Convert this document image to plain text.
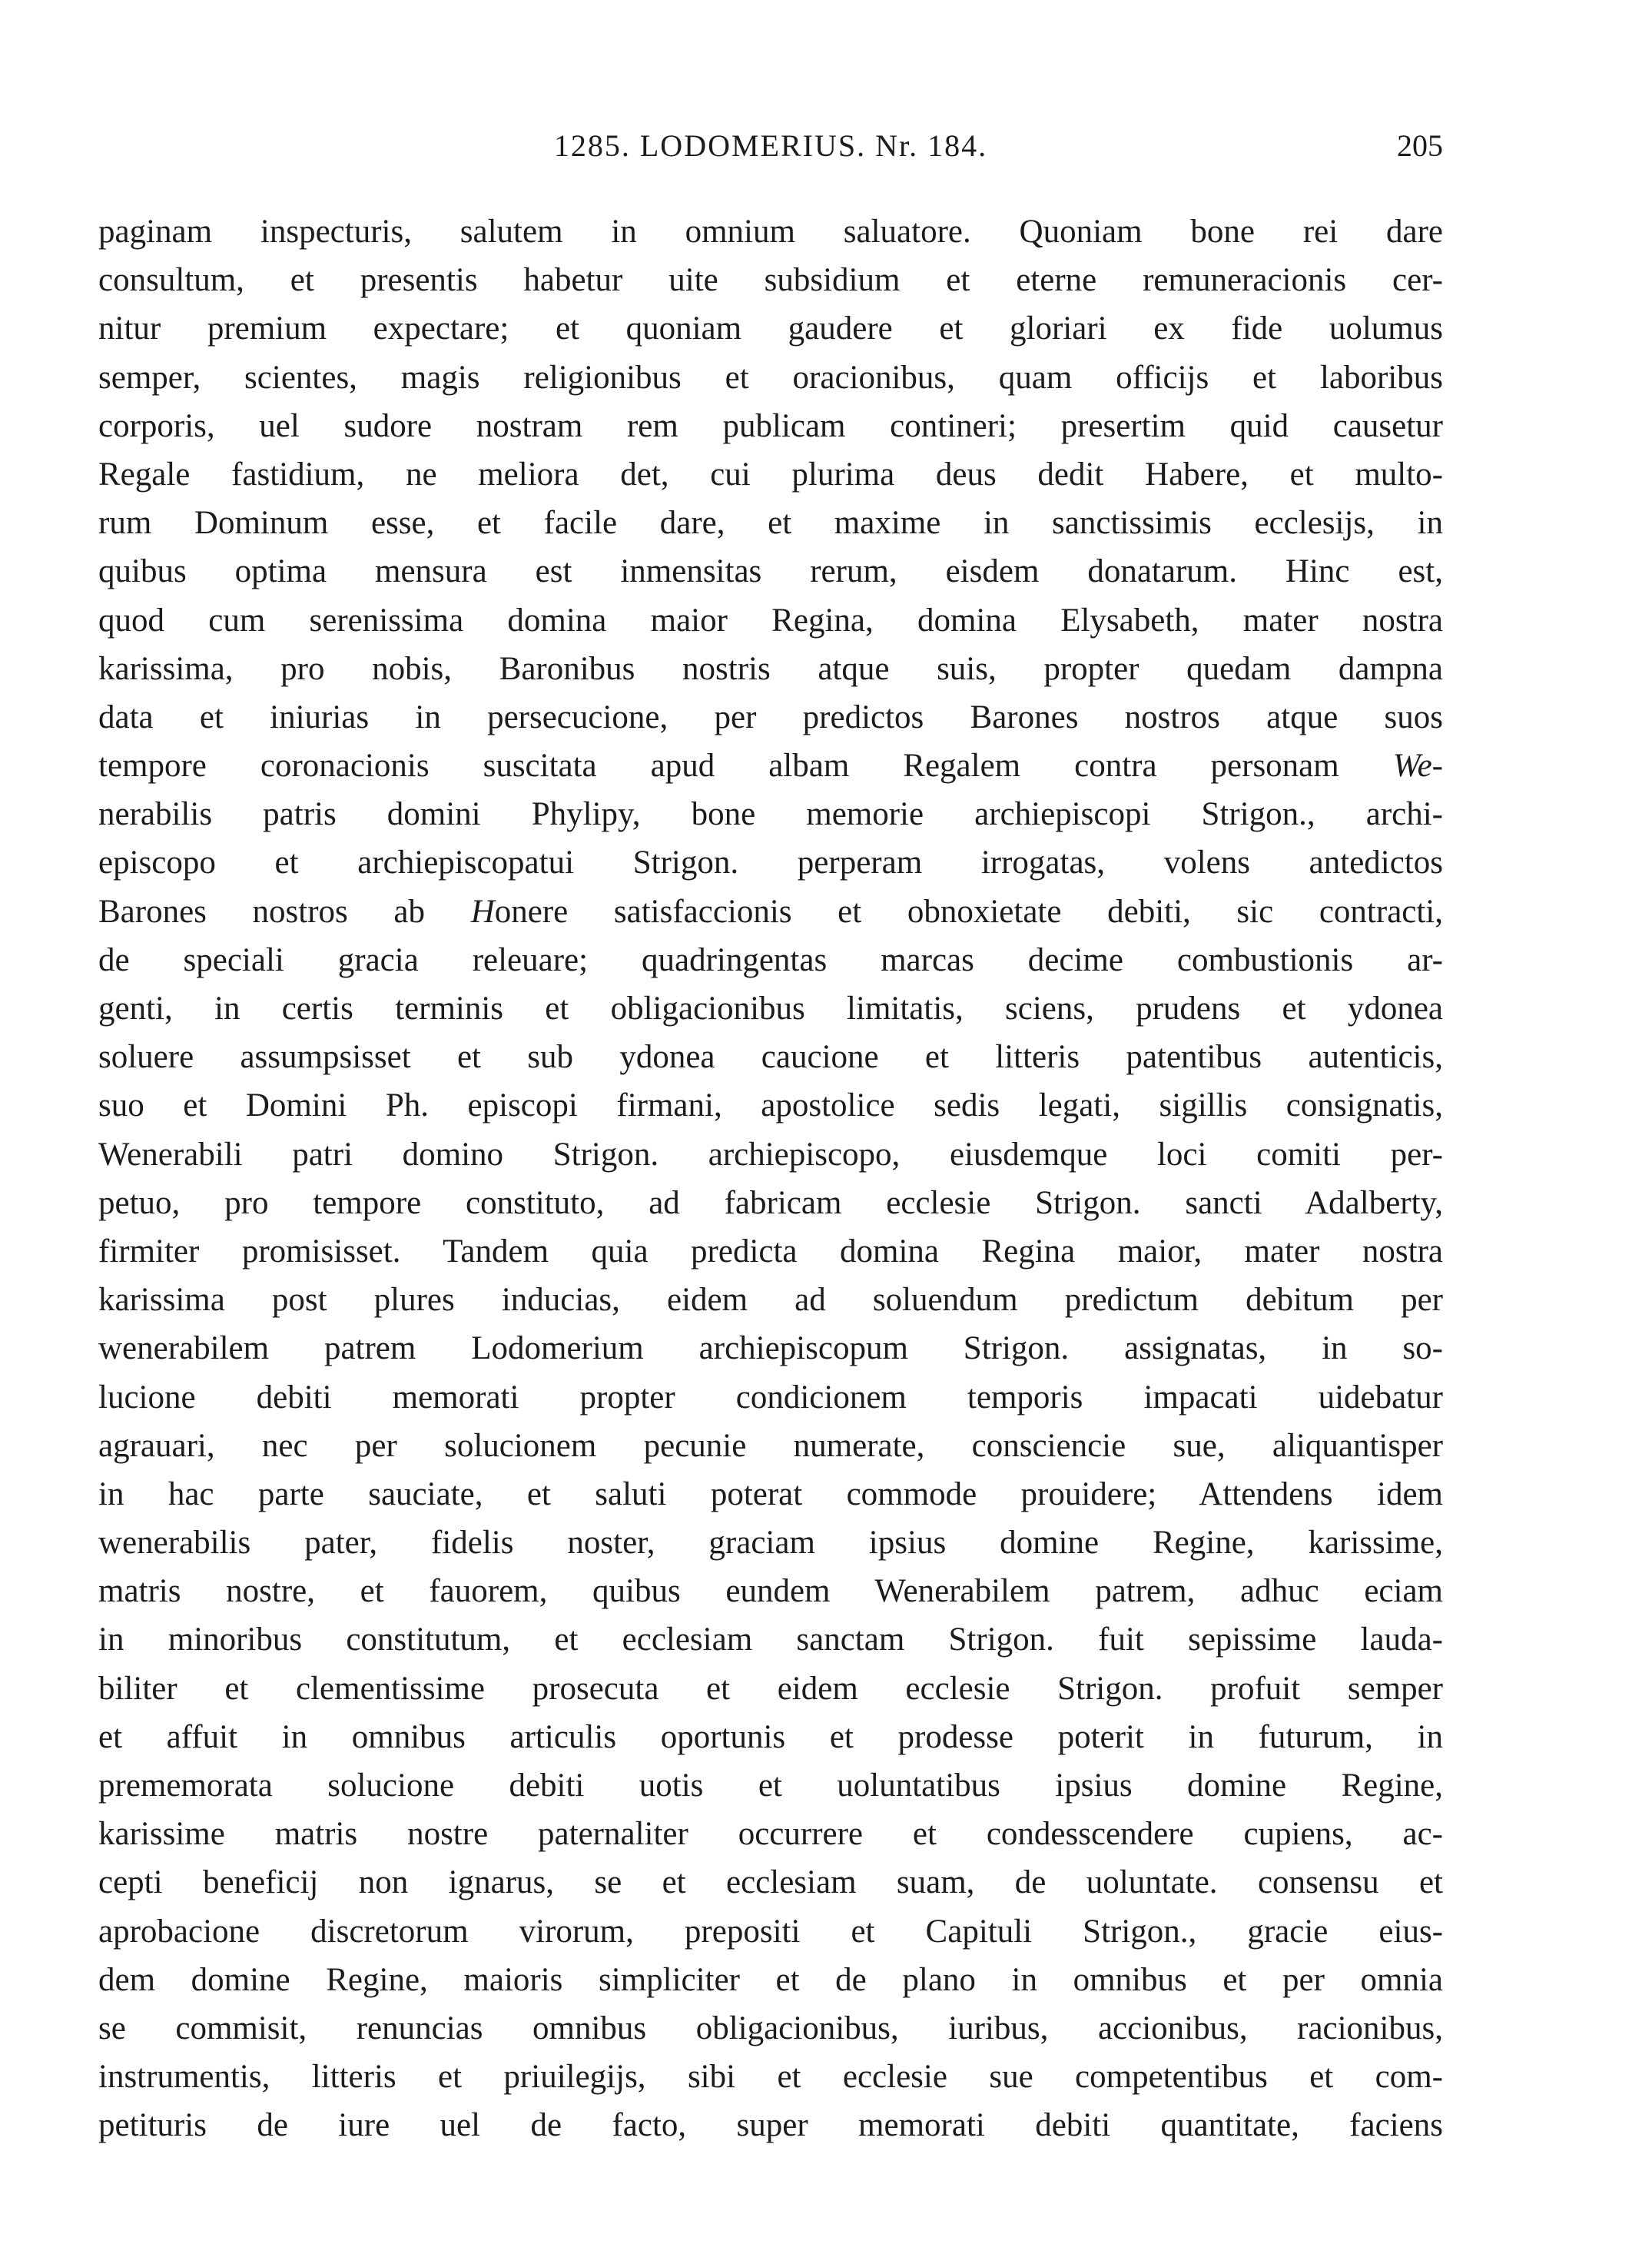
1285. LODOMERIUS. Nr. 184.	205
paginam inspecturis, salutem in omnium saluatore. Quoniam bone rei dare
consultum, et presentis habetur uite subsidium et eterne remuneracionis cer-
nitur premium expectare; et quoniam gaudere et gloriari ex fide uolumus
semper, scientes, magis religionibus et oracionibus, quam officijs et laboribus
corporis, uel sudore nostram rem publicam contineri; presertim quid causetur
Regale fastidium, ne meliora det, cui plurima deus dedit Habere, et multo-
rum Dominum esse, et facile dare, et maxime in sanctissimis ecclesijs, in
quibus optima mensura est inmensitas rerum, eisdem donatarum. Hinc est,
quod cum serenissima domina maior Regina, domina Elysabeth, mater nostra
karissima, pro nobis, Baronibus nostris atque suis, propter quedam dampna
data et iniurias in persecucione, per predictos Barones nostros atque suos
tempore coronacionis suscitata apud albam Regalem contra personam We-
nerabilis patris domini Phylipy, bone memorie archiepiscopi Strigon., archi-
episcopo et archiepiscopatui Strigon. perperam irrogatas, volens antedictos
Barones nostros ab Honere satisfaccionis et obnoxietate debiti, sic contracti,
de speciali gracia releuare; quadringentas marcas decime combustionis ar-
genti, in certis terminis et obligacionibus limitatis, sciens, prudens et ydonea
soluere assumpsisset et sub ydonea caucione et litteris patentibus autenticis,
suo et Domini Ph. episcopi firmani, apostolice sedis legati, sigillis consignatis,
Wenerabili patri domino Strigon. archiepiscopo, eiusdemque loci comiti per-
petuo, pro tempore constituto, ad fabricam ecclesie Strigon. sancti Adalberty,
firmiter promisisset. Tandem quia predicta domina Regina maior, mater nostra
karissima post plures inducias, eidem ad soluendum predictum debitum per
wenerabilem patrem Lodomerium archiepiscopum Strigon. assignatas, in so-
lucione debiti memorati propter condicionem temporis impacati uidebatur
agrauari, nec per solucionem pecunie numerate, consciencie sue, aliquantisper
in hac parte sauciate, et saluti poterat commode prouidere; Attendens idem
wenerabilis pater, fidelis noster, graciam ipsius domine Regine, karissime,
matris nostre, et fauorem, quibus eundem Wenerabilem patrem, adhuc eciam
in minoribus constitutum, et ecclesiam sanctam Strigon. fuit sepissime lauda-
biliter et clementissime prosecuta et eidem ecclesie Strigon. profuit semper
et affuit in omnibus articulis oportunis et prodesse poterit in futurum, in
prememorata solucione debiti uotis et uoluntatibus ipsius domine Regine,
karissime matris nostre paternaliter occurrere et condesscendere cupiens, ac-
cepti beneficij non ignarus, se et ecclesiam suam, de uoluntate. consensu et
aprobacione discretorum virorum, prepositi et Capituli Strigon., gracie eius-
dem domine Regine, maioris simpliciter et de plano in omnibus et per omnia
se commisit, renuncias omnibus obligacionibus, iuribus, accionibus, racionibus,
instrumentis, litteris et priuilegijs, sibi et ecclesie sue competentibus et com-
petituris de iure uel de facto, super memorati debiti quantitate, faciens
